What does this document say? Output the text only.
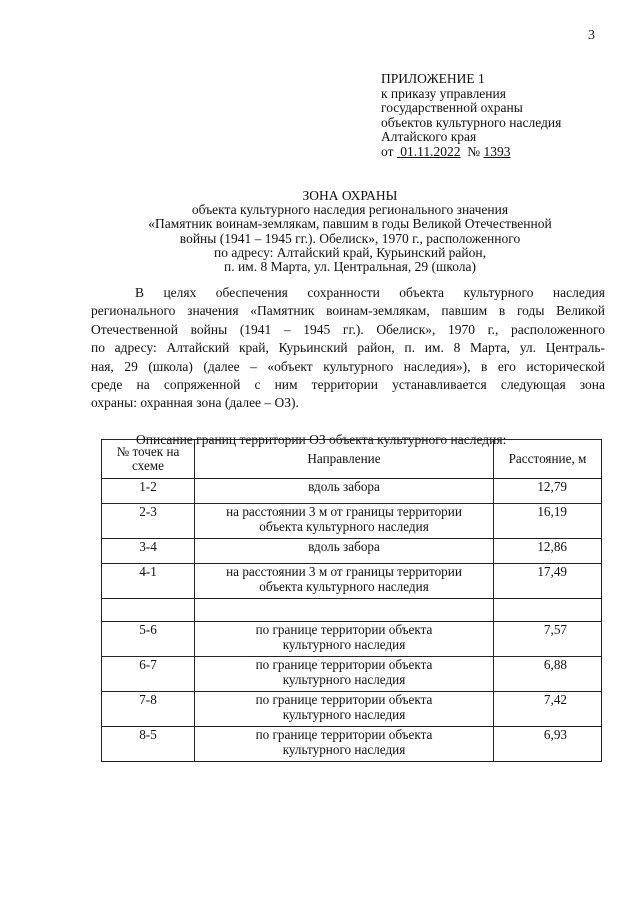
3
ПРИЛОЖЕНИЕ 1
к приказу управления
государственной охраны
объектов культурного наследия
Алтайского края
от 01.11.2022 № 1393
ЗОНА ОХРАНЫ
объекта культурного наследия регионального значения
«Памятник воинам-землякам, павшим в годы Великой Отечественной
войны (1941 – 1945 гг.). Обелиск», 1970 г., расположенного
по адресу: Алтайский край, Курьинский район,
п. им. 8 Марта, ул. Центральная, 29 (школа)
В целях обеспечения сохранности объекта культурного наследия
регионального значения «Памятник воинам-землякам, павшим в годы Великой
Отечественной войны (1941 – 1945 гг.). Обелиск», 1970 г., расположенного
по адресу: Алтайский край, Курьинский район, п. им. 8 Марта, ул. Централь-
ная, 29 (школа) (далее – «объект культурного наследия»), в его исторической
среде на сопряженной с ним территории устанавливается следующая зона
охраны: охранная зона (далее – ОЗ).
Описание границ территории ОЗ объекта культурного наследия:
№ точек на
схеме	Направление	Расстояние, м
1-2	вдоль забора	12,79
2-3	на расстоянии 3 м от границы территории
объекта культурного наследия	16,19
3-4	вдоль забора	12,86
4-1	на расстоянии 3 м от границы территории
объекта культурного наследия	17,49

5-6	по границе территории объекта
культурного наследия	7,57
6-7	по границе территории объекта
культурного наследия	6,88
7-8	по границе территории объекта
культурного наследия	7,42
8-5	по границе территории объекта
культурного наследия	6,93
